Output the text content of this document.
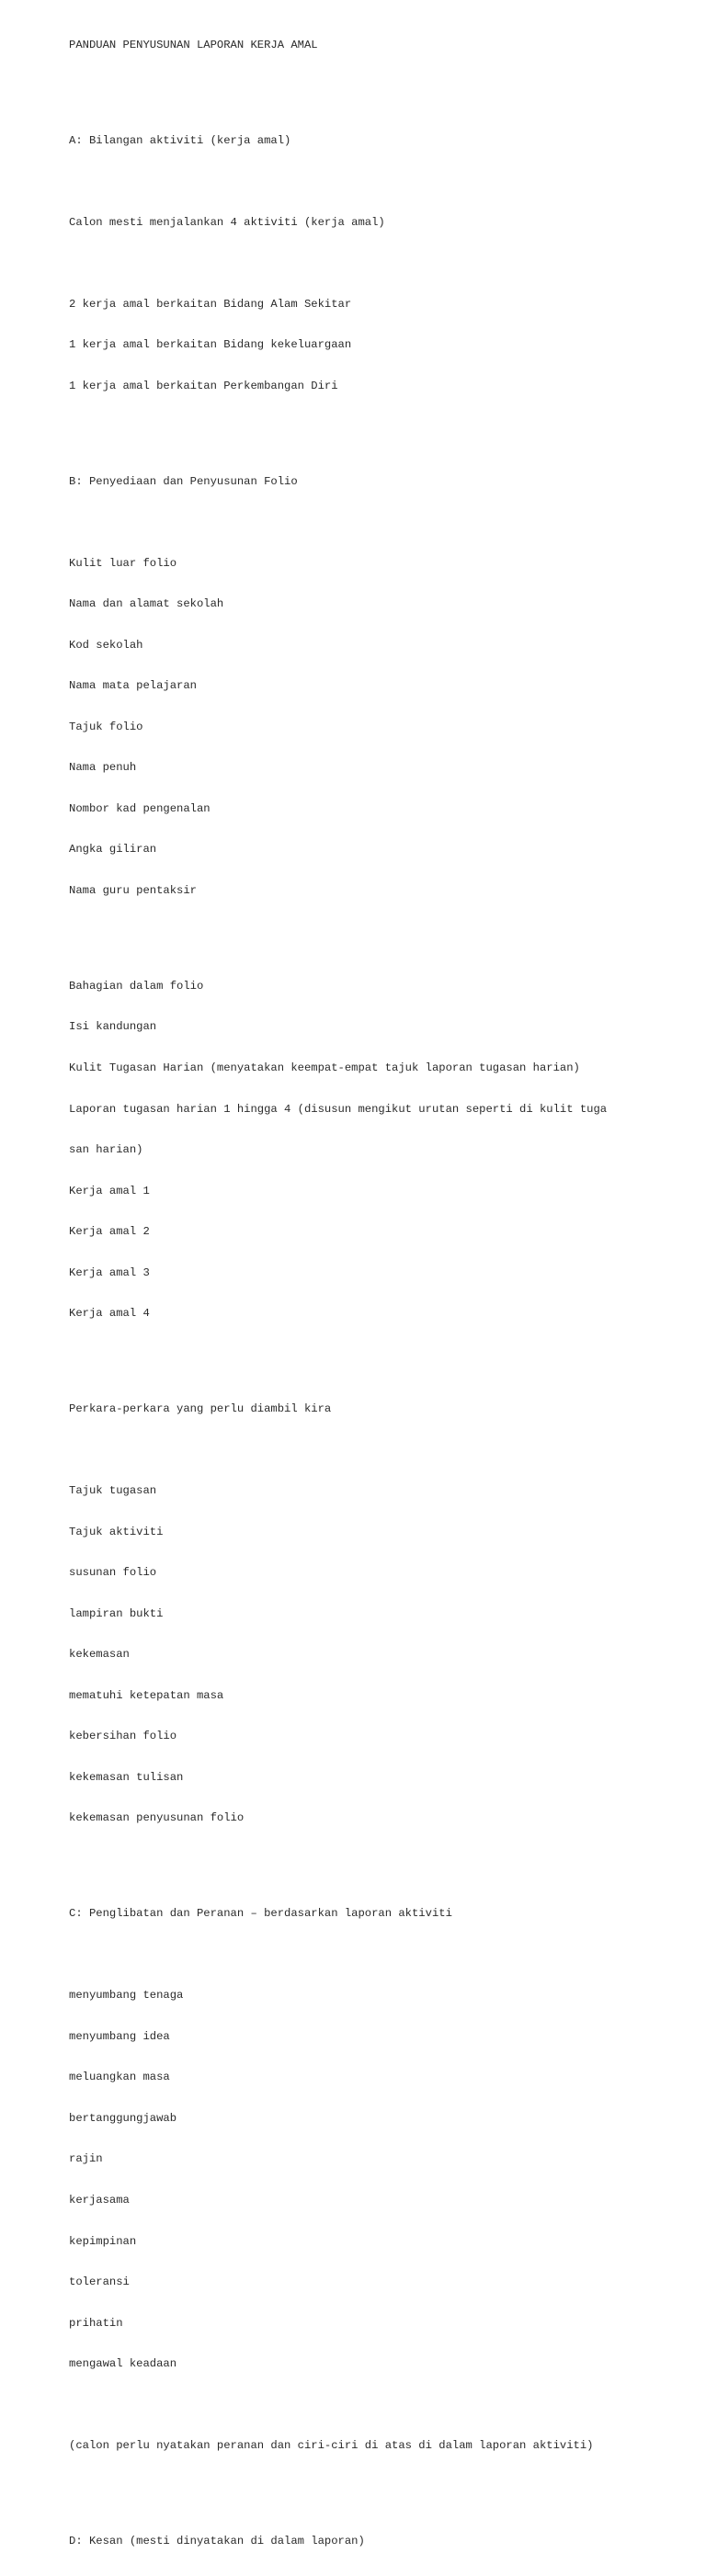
PANDUAN PENYUSUNAN LAPORAN KERJA AMAL

A: Bilangan aktiviti (kerja amal)

Calon mesti menjalankan 4 aktiviti (kerja amal)

2 kerja amal berkaitan Bidang Alam Sekitar

1 kerja amal berkaitan Bidang kekeluargaan

1 kerja amal berkaitan Perkembangan Diri

B: Penyediaan dan Penyusunan Folio

Kulit luar folio

Nama dan alamat sekolah

Kod sekolah

Nama mata pelajaran

Tajuk folio

Nama penuh

Nombor kad pengenalan

Angka giliran

Nama guru pentaksir

Bahagian dalam folio

Isi kandungan

Kulit Tugasan Harian (menyatakan keempat-empat tajuk laporan tugasan harian)

Laporan tugasan harian 1 hingga 4 (disusun mengikut urutan seperti di kulit tuga

san harian)

Kerja amal 1

Kerja amal 2

Kerja amal 3

Kerja amal 4

Perkara-perkara yang perlu diambil kira

Tajuk tugasan

Tajuk aktiviti

susunan folio

lampiran bukti

kekemasan

mematuhi ketepatan masa

kebersihan folio

kekemasan tulisan

kekemasan penyusunan folio

C: Penglibatan dan Peranan – berdasarkan laporan aktiviti

menyumbang tenaga

menyumbang idea

meluangkan masa

bertanggungjawab

rajin

kerjasama

kepimpinan

toleransi

prihatin

mengawal keadaan

(calon perlu nyatakan peranan dan ciri-ciri di atas di dalam laporan aktiviti)

D: Kesan (mesti dinyatakan di dalam laporan)
